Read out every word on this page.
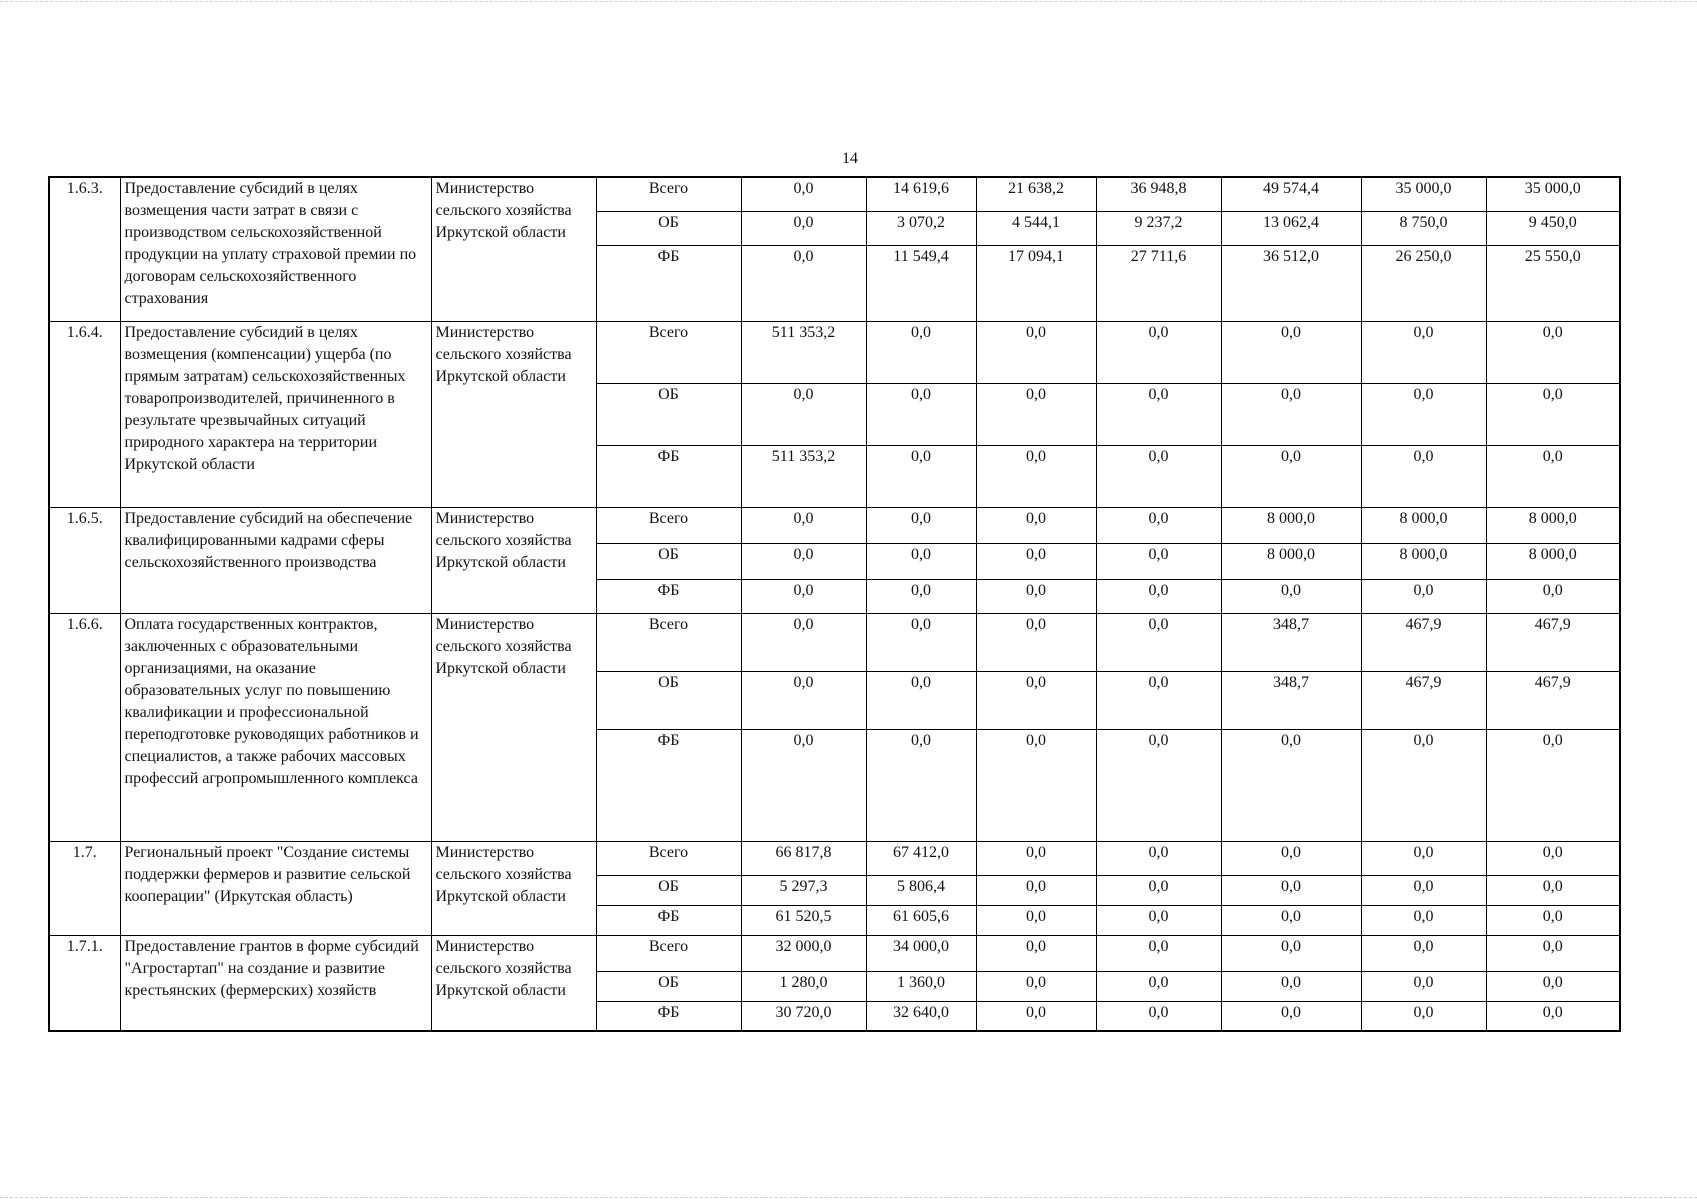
14
1.6.3.	Предоставление субсидий в целях возмещения части затрат в связи с производством сельскохозяйственной продукции на уплату страховой премии по договорам сельскохозяйственного страхования	Министерство сельского хозяйства Иркутской области	Всего	0,0	14 619,6	21 638,2	36 948,8	49 574,4	35 000,0	35 000,0
			ОБ	0,0	3 070,2	4 544,1	9 237,2	13 062,4	8 750,0	9 450,0
			ФБ	0,0	11 549,4	17 094,1	27 711,6	36 512,0	26 250,0	25 550,0
1.6.4.	Предоставление субсидий в целях возмещения (компенсации) ущерба (по прямым затратам) сельскохозяйственных товаропроизводителей, причиненного в результате чрезвычайных ситуаций природного характера на территории Иркутской области	Министерство сельского хозяйства Иркутской области	Всего	511 353,2	0,0	0,0	0,0	0,0	0,0	0,0
			ОБ	0,0	0,0	0,0	0,0	0,0	0,0	0,0
			ФБ	511 353,2	0,0	0,0	0,0	0,0	0,0	0,0
1.6.5.	Предоставление субсидий на обеспечение квалифицированными кадрами сферы сельскохозяйственного производства	Министерство сельского хозяйства Иркутской области	Всего	0,0	0,0	0,0	0,0	8 000,0	8 000,0	8 000,0
			ОБ	0,0	0,0	0,0	0,0	8 000,0	8 000,0	8 000,0
			ФБ	0,0	0,0	0,0	0,0	0,0	0,0	0,0
1.6.6.	Оплата государственных контрактов, заключенных с образовательными организациями, на оказание образовательных услуг по повышению квалификации и профессиональной переподготовке руководящих работников и специалистов, а также рабочих массовых профессий агропромышленного комплекса	Министерство сельского хозяйства Иркутской области	Всего	0,0	0,0	0,0	0,0	348,7	467,9	467,9
			ОБ	0,0	0,0	0,0	0,0	348,7	467,9	467,9
			ФБ	0,0	0,0	0,0	0,0	0,0	0,0	0,0
1.7.	Региональный проект "Создание системы поддержки фермеров и развитие сельской кооперации" (Иркутская область)	Министерство сельского хозяйства Иркутской области	Всего	66 817,8	67 412,0	0,0	0,0	0,0	0,0	0,0
			ОБ	5 297,3	5 806,4	0,0	0,0	0,0	0,0	0,0
			ФБ	61 520,5	61 605,6	0,0	0,0	0,0	0,0	0,0
1.7.1.	Предоставление грантов в форме субсидий "Агростартап" на создание и развитие крестьянских (фермерских) хозяйств	Министерство сельского хозяйства Иркутской области	Всего	32 000,0	34 000,0	0,0	0,0	0,0	0,0	0,0
			ОБ	1 280,0	1 360,0	0,0	0,0	0,0	0,0	0,0
			ФБ	30 720,0	32 640,0	0,0	0,0	0,0	0,0	0,0
